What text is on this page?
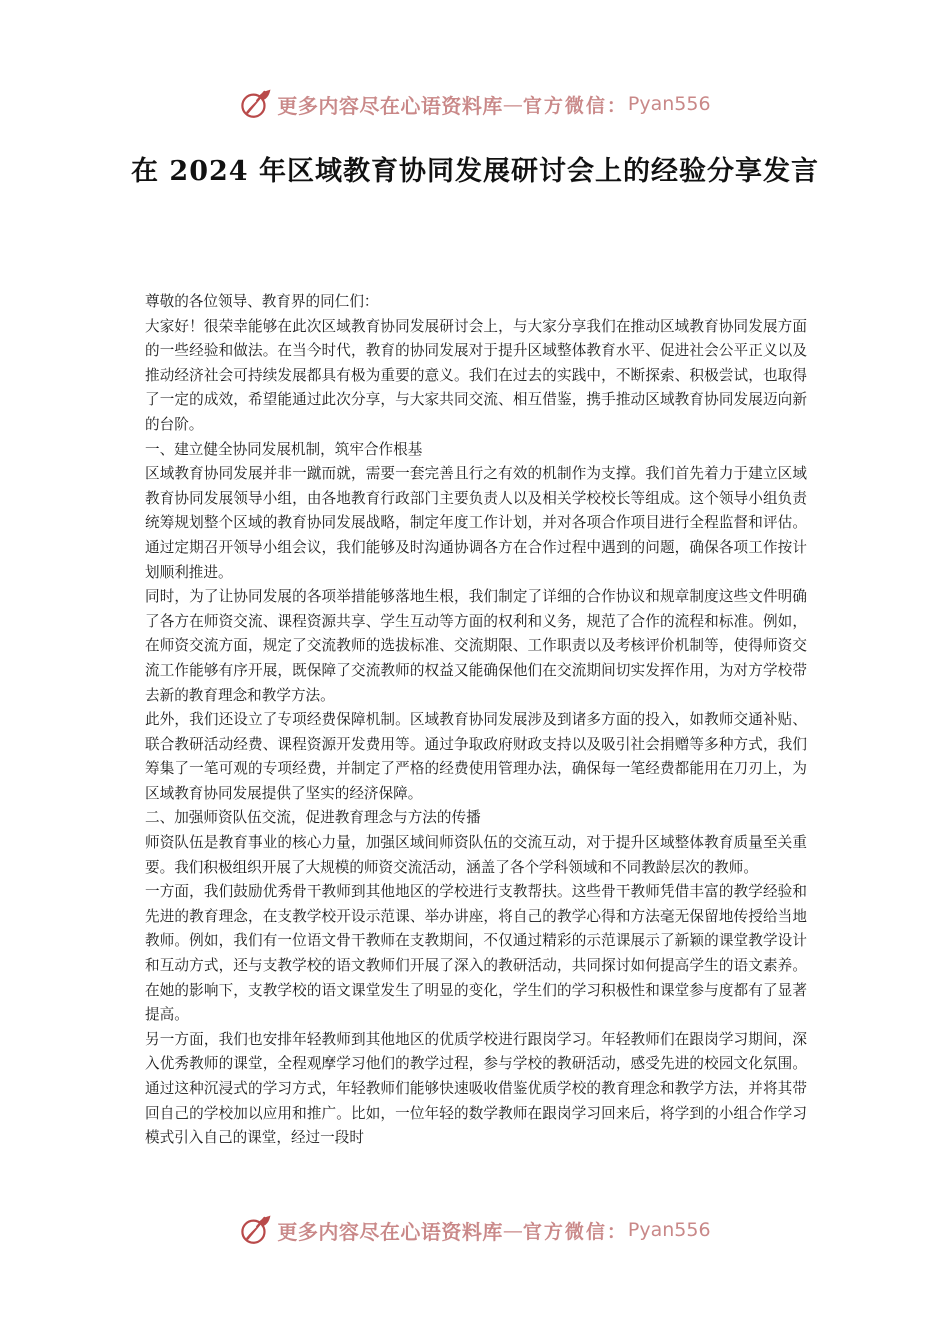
更多内容尽在心语资料库 — 官方微信： Pyan556
在 2024 年区域教育协同发展研讨会上的经验分享发言

尊敬的各位领导、教育界的同仁们：

大家好！很荣幸能够在此次区域教育协同发展研讨会上，与大家分享我们在推动区域教育协同发展方面的一些经验和做法。在当今时代，教育的协同发展对于提升区域整体教育水平、促进社会公平正义以及推动经济社会可持续发展都具有极为重要的意义。我们在过去的实践中，不断探索、积极尝试，也取得了一定的成效，希望能通过此次分享，与大家共同交流、相互借鉴，携手推动区域教育协同发展迈向新的台阶。

一、建立健全协同发展机制，筑牢合作根基

区域教育协同发展并非一蹴而就，需要一套完善且行之有效的机制作为支撑。我们首先着力于建立区域教育协同发展领导小组，由各地教育行政部门主要负责人以及相关学校校长等组成。这个领导小组负责统筹规划整个区域的教育协同发展战略，制定年度工作计划，并对各项合作项目进行全程监督和评估。通过定期召开领导小组会议，我们能够及时沟通协调各方在合作过程中遇到的问题，确保各项工作按计划顺利推进。

同时，为了让协同发展的各项举措能够落地生根，我们制定了详细的合作协议和规章制度这些文件明确了各方在师资交流、课程资源共享、学生互动等方面的权利和义务，规范了合作的流程和标准。例如，在师资交流方面，规定了交流教师的选拔标准、交流期限、工作职责以及考核评价机制等，使得师资交流工作能够有序开展，既保障了交流教师的权益又能确保他们在交流期间切实发挥作用，为对方学校带去新的教育理念和教学方法。

此外，我们还设立了专项经费保障机制。区域教育协同发展涉及到诸多方面的投入，如教师交通补贴、联合教研活动经费、课程资源开发费用等。通过争取政府财政支持以及吸引社会捐赠等多种方式，我们筹集了一笔可观的专项经费，并制定了严格的经费使用管理办法，确保每一笔经费都能用在刀刃上，为区域教育协同发展提供了坚实的经济保障。

二、加强师资队伍交流，促进教育理念与方法的传播

师资队伍是教育事业的核心力量，加强区域间师资队伍的交流互动，对于提升区域整体教育质量至关重要。我们积极组织开展了大规模的师资交流活动，涵盖了各个学科领域和不同教龄层次的教师。

一方面，我们鼓励优秀骨干教师到其他地区的学校进行支教帮扶。这些骨干教师凭借丰富的教学经验和先进的教育理念，在支教学校开设示范课、举办讲座，将自己的教学心得和方法毫无保留地传授给当地教师。例如，我们有一位语文骨干教师在支教期间，不仅通过精彩的示范课展示了新颖的课堂教学设计和互动方式，还与支教学校的语文教师们开展了深入的教研活动，共同探讨如何提高学生的语文素养。在她的影响下，支教学校的语文课堂发生了明显的变化，学生们的学习积极性和课堂参与度都有了显著提高。

另一方面，我们也安排年轻教师到其他地区的优质学校进行跟岗学习。年轻教师们在跟岗学习期间，深入优秀教师的课堂，全程观摩学习他们的教学过程，参与学校的教研活动，感受先进的校园文化氛围。通过这种沉浸式的学习方式，年轻教师们能够快速吸收借鉴优质学校的教育理念和教学方法，并将其带回自己的学校加以应用和推广。比如，一位年轻的数学教师在跟岗学习回来后，将学到的小组合作学习模式引入自己的课堂，经过一段时

更多内容尽在心语资料库 — 官方微信： Pyan556
